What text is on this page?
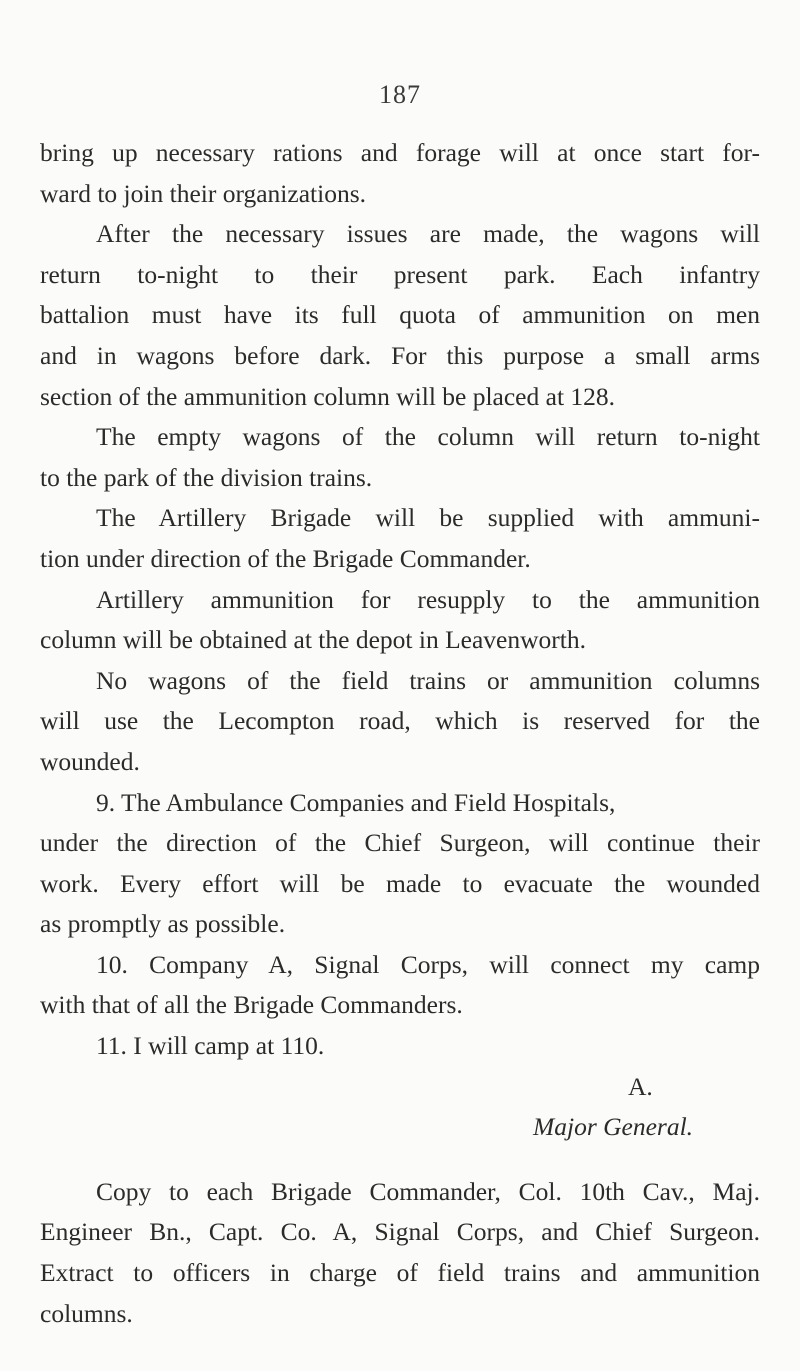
187
bring up necessary rations and forage will at once start for-
ward to join their organizations.
After the necessary issues are made, the wagons will
return to-night to their present park. Each infantry
battalion must have its full quota of ammunition on men
and in wagons before dark. For this purpose a small arms
section of the ammunition column will be placed at 128.
The empty wagons of the column will return to-night
to the park of the division trains.
The Artillery Brigade will be supplied with ammuni-
tion under direction of the Brigade Commander.
Artillery ammunition for resupply to the ammunition
column will be obtained at the depot in Leavenworth.
No wagons of the field trains or ammunition columns
will use the Lecompton road, which is reserved for the
wounded.
9. The Ambulance Companies and Field Hospitals,
under the direction of the Chief Surgeon, will continue their
work. Every effort will be made to evacuate the wounded
as promptly as possible.
10. Company A, Signal Corps, will connect my camp
with that of all the Brigade Commanders.
11. I will camp at 110.
A.
Major General.
Copy to each Brigade Commander, Col. 10th Cav., Maj.
Engineer Bn., Capt. Co. A, Signal Corps, and Chief Surgeon.
Extract to officers in charge of field trains and ammunition
columns.
